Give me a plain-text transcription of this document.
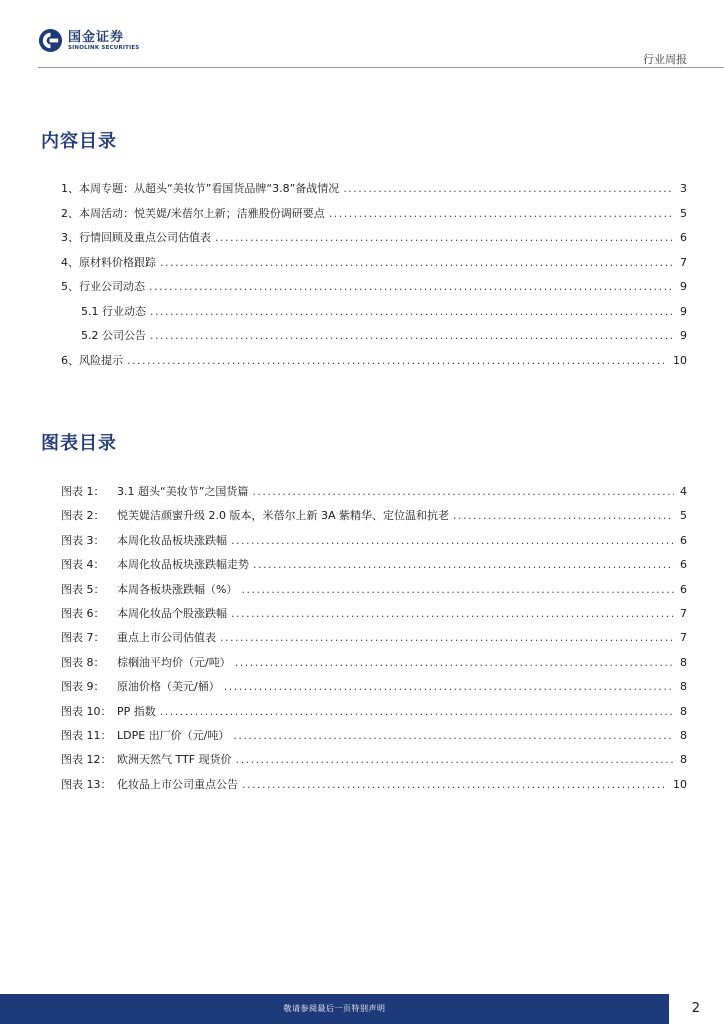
国金证券
SINOLINK SECURITIES
行业周报
内容目录
1、本周专题：从超头“美妆节”看国货品牌“3.8”备战情况 .....	3
2、本周活动：悦芙媞/米蓓尔上新；洁雅股份调研要点 .....	5
3、行情回顾及重点公司估值表 .....	6
4、原材料价格跟踪 .....	7
5、行业公司动态 .....	9
5.1 行业动态 .....	9
5.2 公司公告 .....	9
6、风险提示 .....	10
图表目录
图表 1： 3.1 超头“美妆节”之国货篇 .....	4
图表 2： 悦芙媞洁颜蜜升级 2.0 版本，米蓓尔上新 3A 紫精华、定位温和抗老 .....	5
图表 3： 本周化妆品板块涨跌幅 .....	6
图表 4： 本周化妆品板块涨跌幅走势 .....	6
图表 5： 本周各板块涨跌幅（%） .....	6
图表 6： 本周化妆品个股涨跌幅 .....	7
图表 7： 重点上市公司估值表 .....	7
图表 8： 棕榈油平均价（元/吨） .....	8
图表 9： 原油价格（美元/桶） .....	8
图表 10： PP 指数 .....	8
图表 11： LDPE 出厂价（元/吨） .....	8
图表 12： 欧洲天然气 TTF 现货价 .....	8
图表 13： 化妆品上市公司重点公告 .....	10
敬请参阅最后一页特别声明	2
